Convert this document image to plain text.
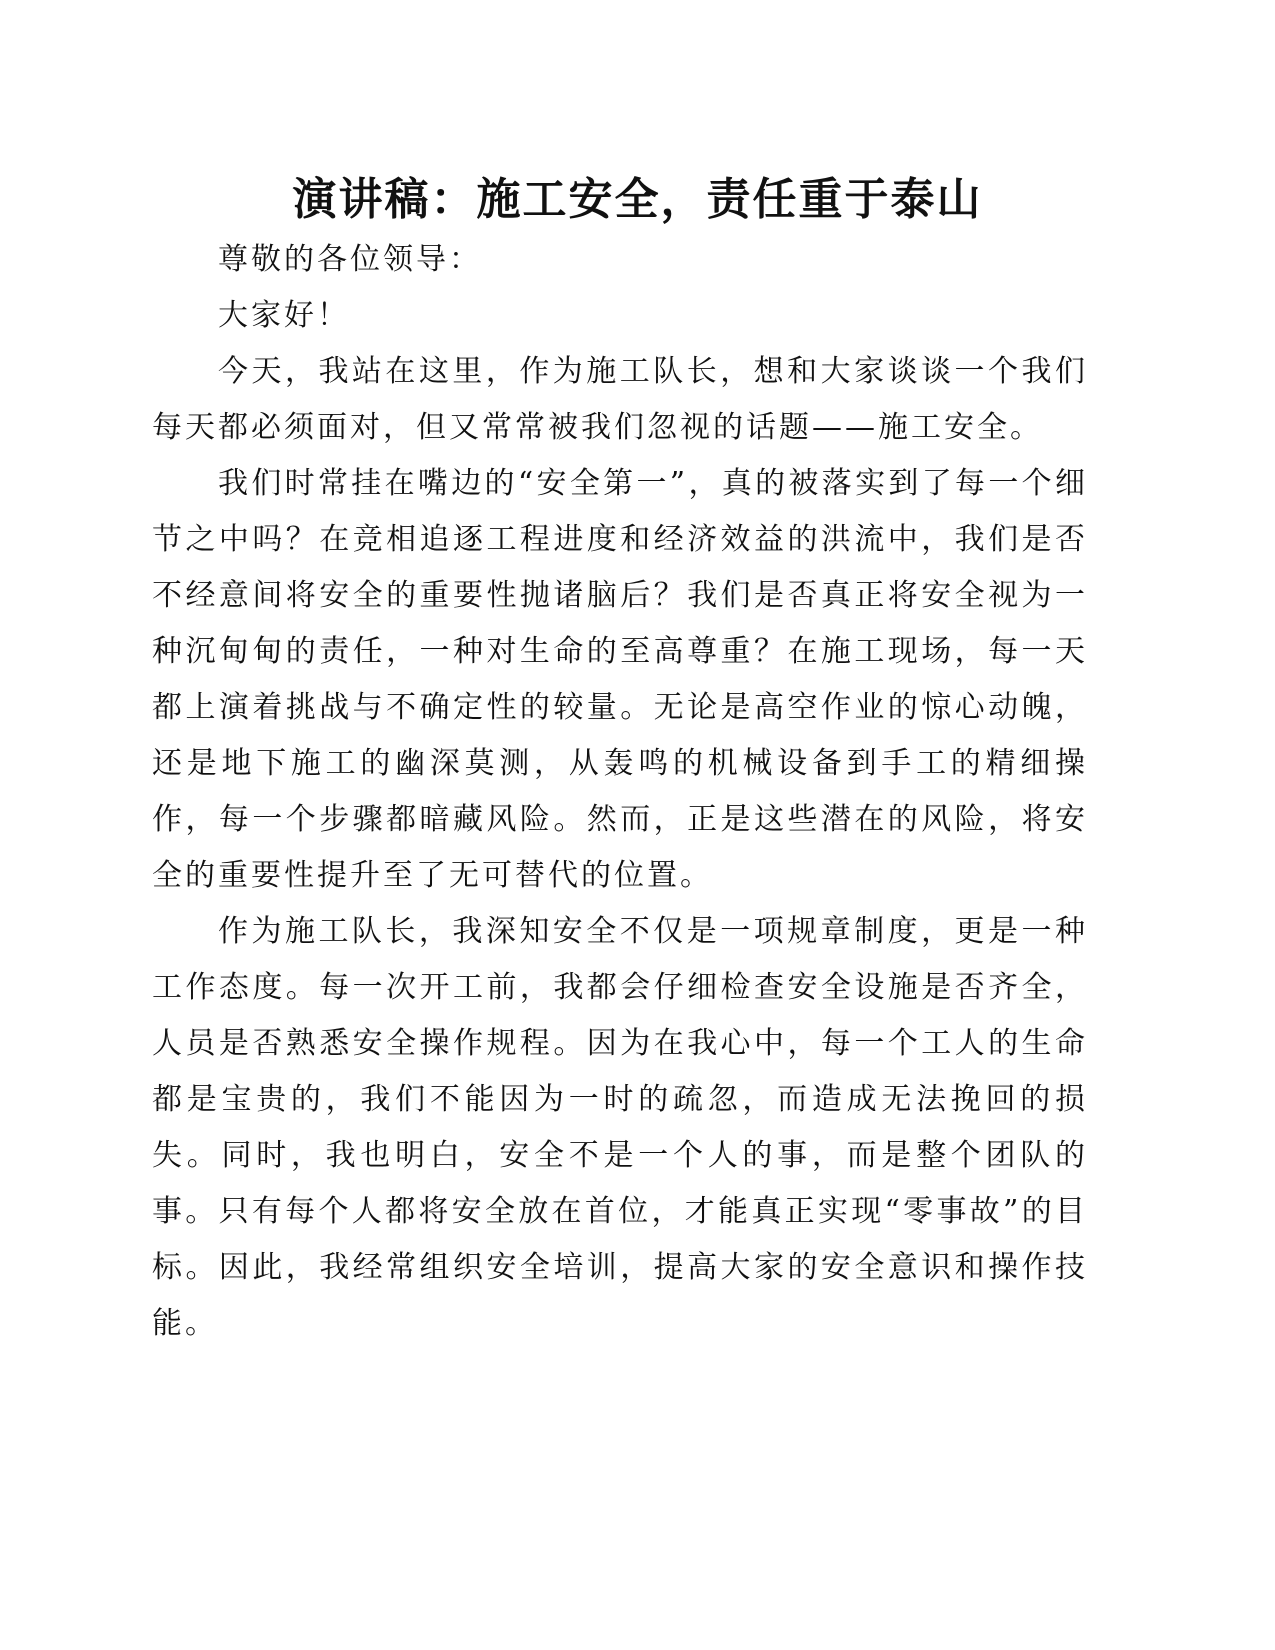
演讲稿：施工安全，责任重于泰山

尊敬的各位领导：

大家好！

今天，我站在这里，作为施工队长，想和大家谈谈一个我们每天都必须面对，但又常常被我们忽视的话题——施工安全。

我们时常挂在嘴边的“安全第一”，真的被落实到了每一个细节之中吗？在竞相追逐工程进度和经济效益的洪流中，我们是否不经意间将安全的重要性抛诸脑后？我们是否真正将安全视为一种沉甸甸的责任，一种对生命的至高尊重？在施工现场，每一天都上演着挑战与不确定性的较量。无论是高空作业的惊心动魄，还是地下施工的幽深莫测，从轰鸣的机械设备到手工的精细操作，每一个步骤都暗藏风险。然而，正是这些潜在的风险，将安全的重要性提升至了无可替代的位置。

作为施工队长，我深知安全不仅是一项规章制度，更是一种工作态度。每一次开工前，我都会仔细检查安全设施是否齐全，人员是否熟悉安全操作规程。因为在我心中，每一个工人的生命都是宝贵的，我们不能因为一时的疏忽，而造成无法挽回的损失。同时，我也明白，安全不是一个人的事，而是整个团队的事。只有每个人都将安全放在首位，才能真正实现“零事故”的目标。因此，我经常组织安全培训，提高大家的安全意识和操作技能。
